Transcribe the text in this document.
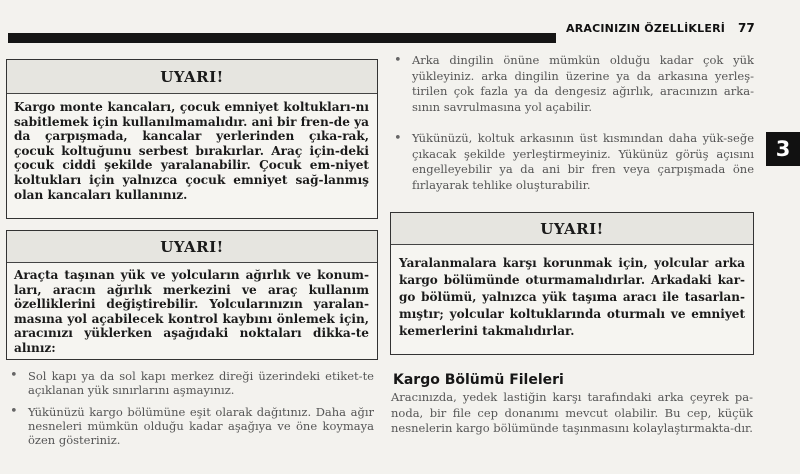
ARACINIZIN ÖZELLİKLERİ 77
3
UYARI!
Kargo monte kancaları, çocuk emniyet koltukları-nı sabitlemek için kullanılmamalıdır. ani bir fren-de ya da çarpışmada, kancalar yerlerinden çıka-rak, çocuk koltuğunu serbest bırakırlar. Araç için-deki çocuk ciddi şekilde yaralanabilir. Çocuk em-niyet koltukları için yalnızca çocuk emniyet sağ-lanmış olan kancaları kullanınız.
UYARI!
Araçta taşınan yük ve yolcuların ağırlık ve konum-ları, aracın ağırlık merkezini ve araç kullanım özelliklerini değiştirebilir. Yolcularınızın yaralan-masına yol açabilecek kontrol kaybını önlemek için, aracınızı yüklerken aşağıdaki noktaları dikka-te alınız:
• Sol kapı ya da sol kapı merkez direği üzerindeki etiket-te açıklanan yük sınırlarını aşmayınız.
• Yükünüzü kargo bölümüne eşit olarak dağıtınız. Daha ağır nesneleri mümkün olduğu kadar aşağıya ve öne koymaya özen gösteriniz.
• Arka dingilin önüne mümkün olduğu kadar çok yük yükleyiniz. arka dingilin üzerine ya da arkasına yerleş-tirilen çok fazla ya da dengesiz ağırlık, aracınızın arka-sının savrulmasına yol açabilir.
• Yükünüzü, koltuk arkasının üst kısmından daha yük-seğe çıkacak şekilde yerleştirmeyiniz. Yükünüz görüş açısını engelleyebilir ya da ani bir fren veya çarpışmada öne fırlayarak tehlike oluşturabilir.
UYARI!
Yaralanmalara karşı korunmak için, yolcular arka kargo bölümünde oturmamalıdırlar. Arkadaki kar-go bölümü, yalnızca yük taşıma aracı ile tasarlan-mıştır; yolcular koltuklarında oturmalı ve emniyet kemerlerini takmalıdırlar.
Kargo Bölümü Fileleri

Aracınızda, yedek lastiğin karşı tarafındaki arka çeyrek pa-noda, bir file cep donanımı mevcut olabilir. Bu cep, küçük nesnelerin kargo bölümünde taşınmasını kolaylaştırmakta-dır.
